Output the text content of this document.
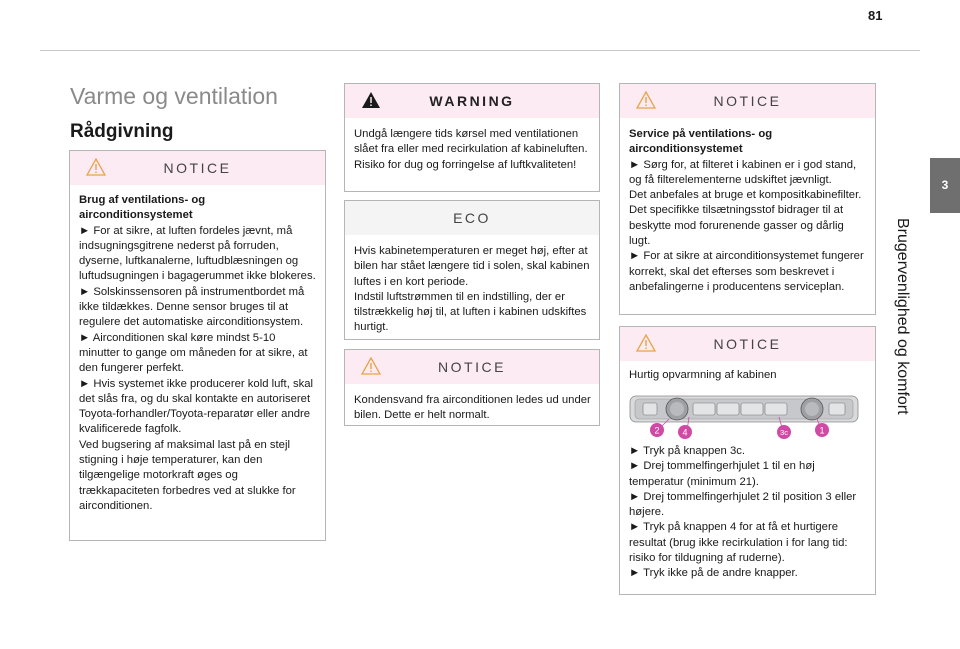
81
3
Brugervenlighed og komfort
Varme og ventilation
Rådgivning
NOTICE
Brug af ventilations- og airconditionsystemet
► For at sikre, at luften fordeles jævnt, må indsugningsgitrene nederst på forruden, dyserne, luftkanalerne, luftudblæsningen og luftudsugningen i bagagerummet ikke blokeres.
► Solskinssensoren på instrumentbordet må ikke tildækkes. Denne sensor bruges til at regulere det automatiske airconditionsystem.
► Airconditionen skal køre mindst 5-10 minutter to gange om måneden for at sikre, at den fungerer perfekt.
► Hvis systemet ikke producerer kold luft, skal det slås fra, og du skal kontakte en autoriseret Toyota-forhandler/Toyota-reparatør eller andre kvalificerede fagfolk.
Ved bugsering af maksimal last på en stejl stigning i høje temperaturer, kan den tilgængelige motorkraft øges og trækkapaciteten forbedres ved at slukke for airconditionen.
WARNING
Undgå længere tids kørsel med ventilationen slået fra eller med recirkulation af kabineluften. Risiko for dug og forringelse af luftkvaliteten!
ECO
Hvis kabinetemperaturen er meget høj, efter at bilen har stået længere tid i solen, skal kabinen luftes i en kort periode.
Indstil luftstrømmen til en indstilling, der er tilstrækkelig høj til, at luften i kabinen udskiftes hurtigt.
NOTICE
Kondensvand fra airconditionen ledes ud under bilen. Dette er helt normalt.
NOTICE
Service på ventilations- og airconditionsystemet
► Sørg for, at filteret i kabinen er i god stand, og få filterelementerne udskiftet jævnligt.
Det anbefales at bruge et kompositkabinefilter. Det specifikke tilsætningsstof bidrager til at beskytte mod forurenende gasser og dårlig lugt.
► For at sikre at airconditionsystemet fungerer korrekt, skal det efterses som beskrevet i anbefalingerne i producentens serviceplan.
NOTICE
Hurtig opvarmning af kabinen
► Tryk på knappen 3c.
► Drej tommelfingerhjulet 1 til en høj temperatur (minimum 21).
► Drej tommelfingerhjulet 2 til position 3 eller højere.
► Tryk på knappen 4 for at få et hurtigere resultat (brug ikke recirkulation i for lang tid: risiko for tildugning af ruderne).
► Tryk ikke på de andre knapper.
2	4	3c	1
